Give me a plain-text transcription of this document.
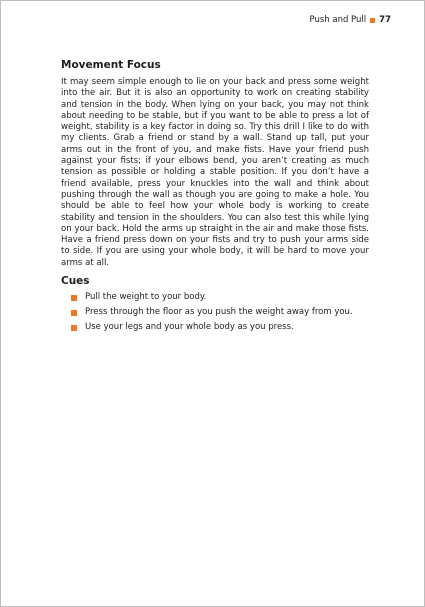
Push and Pull 77
Movement Focus

It may seem simple enough to lie on your back and press some weight into the air. But it is also an opportunity to work on creating stability and tension in the body. When lying on your back, you may not think about needing to be stable, but if you want to be able to press a lot of weight, stability is a key factor in doing so. Try this drill I like to do with my clients. Grab a friend or stand by a wall. Stand up tall, put your arms out in the front of you, and make fists. Have your friend push against your fists; if your elbows bend, you aren’t creating as much tension as possible or holding a stable position. If you don’t have a friend available, press your knuckles into the wall and think about pushing through the wall as though you are going to make a hole. You should be able to feel how your whole body is working to create stability and tension in the shoulders. You can also test this while lying on your back. Hold the arms up straight in the air and make those fists. Have a friend press down on your fists and try to push your arms side to side. If you are using your whole body, it will be hard to move your arms at all.

Cues
Pull the weight to your body.
Press through the floor as you push the weight away from you.
Use your legs and your whole body as you press.
